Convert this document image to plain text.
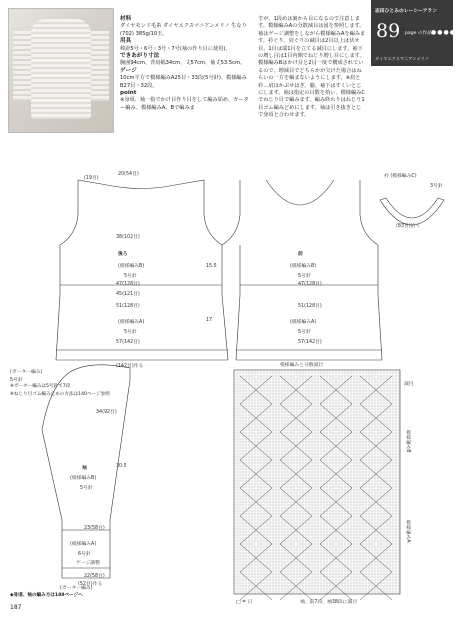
材料
ダイヤモンド毛糸 ダイヤエクスマニアンメリノ 生なり(702) 385g/10玉。
用具
棒針5号・6号・3号・7号(袖の作り目に使用)。
できあがり寸法
胸囲94cm、背肩幅34cm、丈57cm、袖丈53.5cm。
ゲージ
10cm平方で模様編みA25目・33段(5号針)、模様編みB27目・32段。
point
※身頃、袖一指でかけ目作り目をして編み始め、ガーター編み、模様編みA、Bで編みま
すが、1段めは裏から目になるので注意します。模様編みAの分散減目は図を参照します。袖はゲージ調整をしながら模様編みAを編みます。衿ぐり、肩ぐりの減目は2目以上は伏せ目、1目は端1目を立てる減目にします。袖下の増し目は1目内側でねじり増し目にします。模様編みBはかけ目と2目一度で構成されているので、増減目でどちらかが欠けた場合はねらいの一方を編まないようにします。※肩と衿…肩はかぶせはぎ。脇、袖下はすくいとじにします。袖は指定の目数を拾い、模様編みCでねじり目で編みます。編み終わりはねじり1目ゴム編みどめにします。袖は引き抜きとじで身頃と合わせます。
志田ひとみのレーシーアラン
89 page の作品 ●●●●
ダイヤエクスマニアンメリノ
後ろ
(模様編みB)
5号針
(模様編みA)
5号針
(ガーター編み)
5号針
前
(模様編みB)
5号針
(模様編みA)
5号針
衿 (模様編みC)
3号針
(83目)拾う
袖
(模様編みB)
5号針
(模様編みA)
6号針
ゲージ調整
(ガーター編み)
20(54目)
(19目)
38(102目)
47(128目)
45(121目)
51(128目)
57(142目)
(142目)作る
15.5
17
47(128目)
51(128目)
57(142目)
34(92目)
30.5
23(58目)
22(58目)
(52目)作る
※ガーター編みは5号針で7段
※ねじり目ゴム編み止めの方法は140ページ参照
◆身頃、袖の編み方は188ページへ
模様編みと分散減目
模様編みB
模様編みA
減目
□ = 日	袖、前7段、袖38段に減目
187
